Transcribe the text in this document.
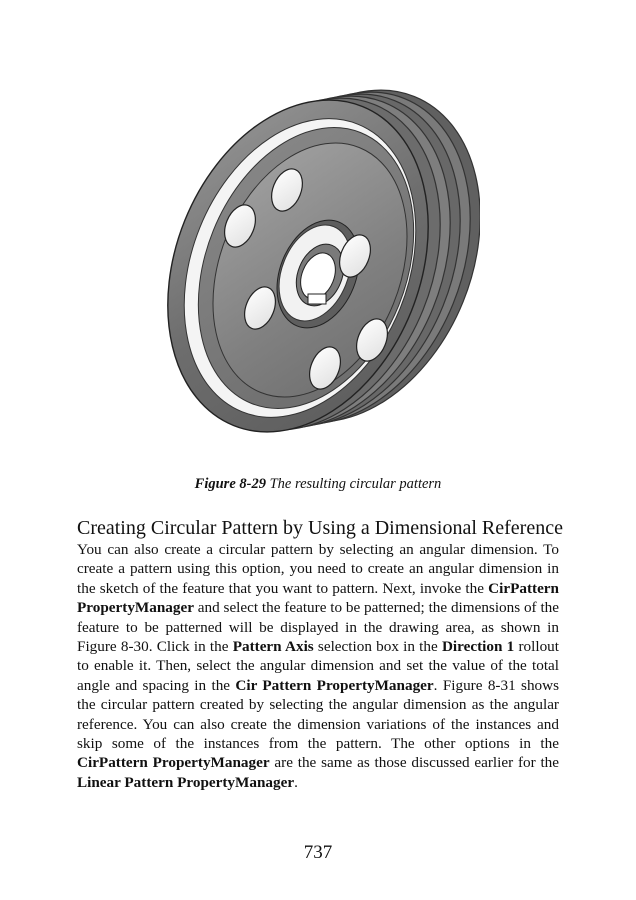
Figure 8-29 The resulting circular pattern
Creating Circular Pattern by Using a Dimensional Reference
You can also create a circular pattern by selecting an angular dimension. To create a pattern using this option, you need to create an angular dimension in the sketch of the feature that you want to pattern. Next, invoke the CirPattern PropertyManager and select the feature to be patterned; the dimensions of the feature to be patterned will be displayed in the drawing area, as shown in Figure 8-30. Click in the Pattern Axis selection box in the Direction 1 rollout to enable it. Then, select the angular dimension and set the value of the total angle and spacing in the Cir Pattern PropertyManager. Figure 8-31 shows the circular pattern created by selecting the angular dimension as the angular reference. You can also create the dimension variations of the instances and skip some of the instances from the pattern. The other options in the CirPattern PropertyManager are the same as those discussed earlier for the Linear Pattern PropertyManager.
737
